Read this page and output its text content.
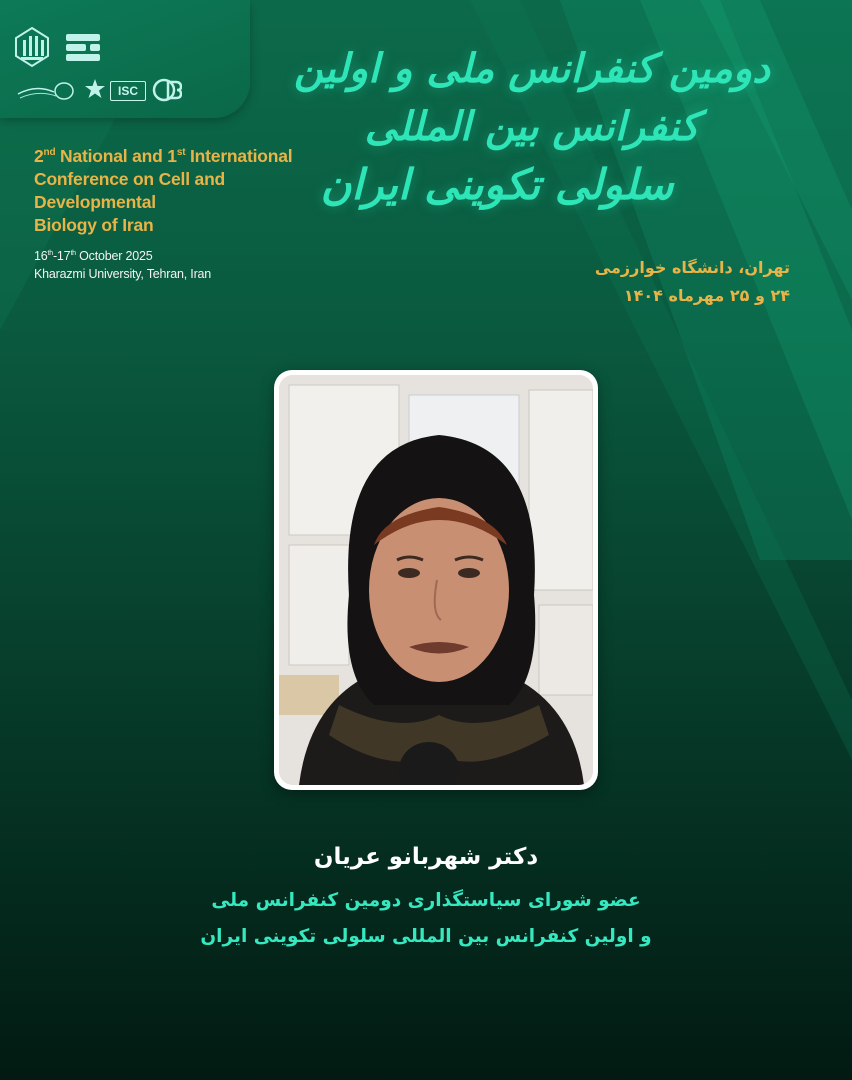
ISC
2nd National and 1st International
Conference on Cell and Developmental
Biology of Iran
16th-17th October 2025
Kharazmi University, Tehran, Iran
دومین کنفرانس ملی و اولین کنفرانس بین المللی
سلولی تکوینی ایران
تهران، دانشگاه خوارزمی
۲۴ و ۲۵ مهرماه ۱۴۰۴
دکتر شهربانو عریان
عضو شورای سیاستگذاری دومین کنفرانس ملی
و اولین کنفرانس بین المللی سلولی تکوینی ایران
